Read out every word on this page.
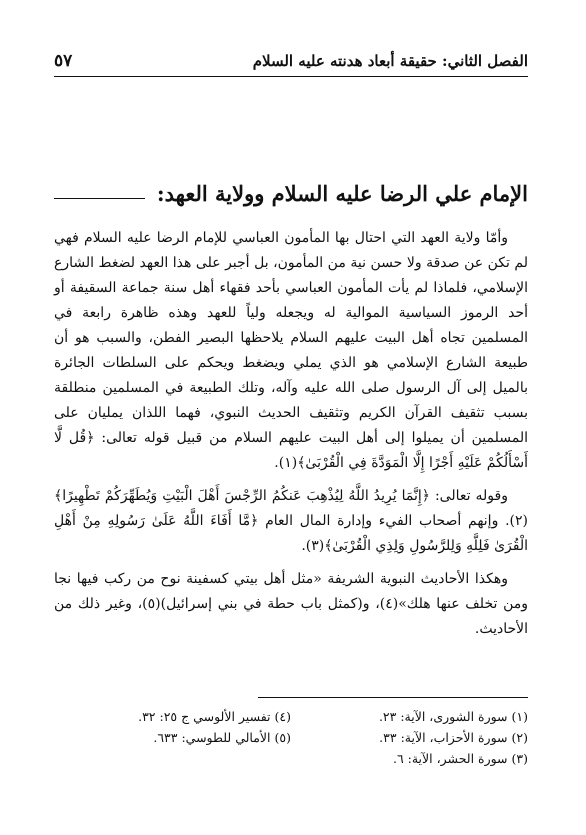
الفصل الثاني: حقيقة أبعاد هدنته عليه السلام
٥٧
الإمام علي الرضا عليه السلام وولاية العهد:

وأمّا ولاية العهد التي احتال بها المأمون العباسي للإمام الرضا عليه السلام فهي لم تكن عن صدقة ولا حسن نية من المأمون، بل أجبر على هذا العهد لضغط الشارع الإسلامي، فلماذا لم يأت المأمون العباسي بأحد فقهاء أهل سنة جماعة السقيفة أو أحد الرموز السياسية الموالية له ويجعله ولياً للعهد وهذه ظاهرة رابعة في المسلمين تجاه أهل البيت عليهم السلام يلاحظها البصير الفطن، والسبب هو أن طبيعة الشارع الإسلامي هو الذي يملي ويضغط ويحكم على السلطات الجائرة بالميل إلى آل الرسول صلى الله عليه وآله، وتلك الطبيعة في المسلمين منطلقة بسبب تثقيف القرآن الكريم وتثقيف الحديث النبوي، فهما اللذان يمليان على المسلمين أن يميلوا إلى أهل البيت عليهم السلام من قبيل قوله تعالى: ﴿قُل لَّا أَسْأَلُكُمْ عَلَيْهِ أَجْرًا إِلَّا الْمَوَدَّةَ فِي الْقُرْبَىٰ﴾(١).

وقوله تعالى: ﴿إِنَّمَا يُرِيدُ اللَّهُ لِيُذْهِبَ عَنكُمُ الرِّجْسَ أَهْلَ الْبَيْتِ وَيُطَهِّرَكُمْ تَطْهِيرًا﴾(٢). وإنهم أصحاب الفيء وإدارة المال العام ﴿مَّا أَفَاءَ اللَّهُ عَلَىٰ رَسُولِهِ مِنْ أَهْلِ الْقُرَىٰ فَلِلَّهِ وَلِلرَّسُولِ وَلِذِي الْقُرْبَىٰ﴾(٣).

وهكذا الأحاديث النبوية الشريفة «مثل أهل بيتي كسفينة نوح من ركب فيها نجا ومن تخلف عنها هلك»(٤)، و(كمثل باب حطة في بني إسرائيل)(٥)، وغير ذلك من الأحاديث.

(١) سورة الشورى، الآية: ٢٣.
(٢) سورة الأحزاب، الآية: ٣٣.
(٣) سورة الحشر، الآية: ٦.
(٤) تفسير الألوسي ج ٢٥: ٣٢.
(٥) الأمالي للطوسي: ٦٣٣.
